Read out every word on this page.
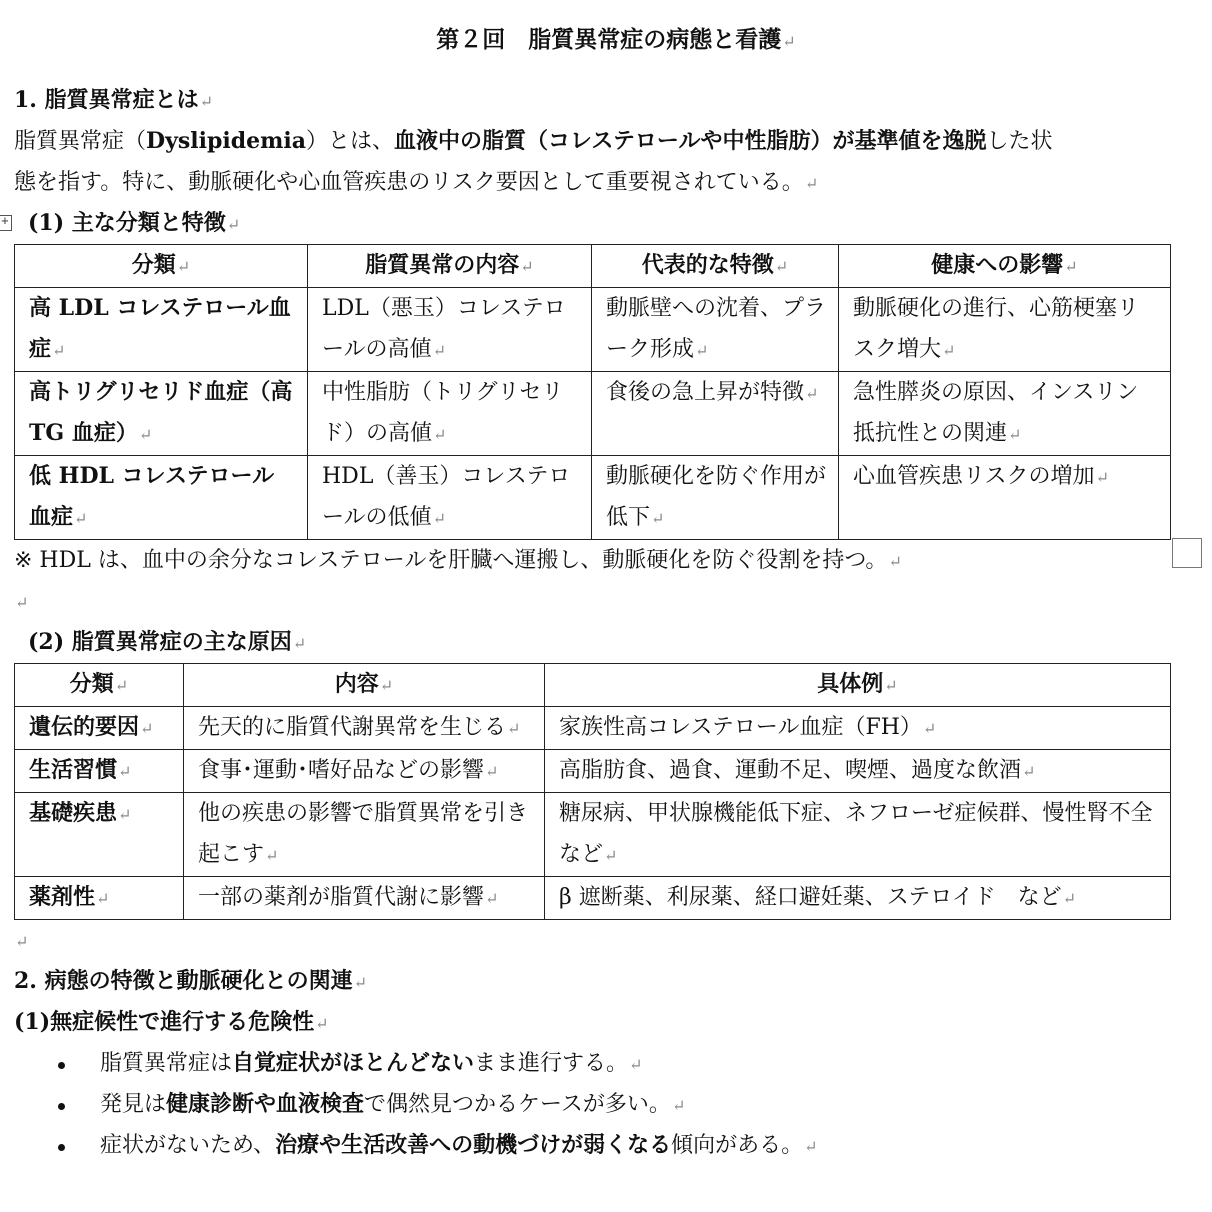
第２回　脂質異常症の病態と看護↵
1. 脂質異常症とは↵
脂質異常症（Dyslipidemia）とは、血液中の脂質（コレステロールや中性脂肪）が基準値を逸脱した状
態を指す。特に、動脈硬化や心血管疾患のリスク要因として重要視されている。↵
+ (1) 主な分類と特徴↵
分類↵	脂質異常の内容↵	代表的な特徴↵	健康への影響↵
高 LDL コレステロール血症↵	LDL（悪玉）コレステロールの高値↵	動脈壁への沈着、プラーク形成↵	動脈硬化の進行、心筋梗塞リスク増大↵
高トリグリセリド血症（高 TG 血症）↵	中性脂肪（トリグリセリド）の高値↵	食後の急上昇が特徴↵	急性膵炎の原因、インスリン抵抗性との関連↵
低 HDL コレステロール血症↵	HDL（善玉）コレステロールの低値↵	動脈硬化を防ぐ作用が低下↵	心血管疾患リスクの増加↵
※ HDL は、血中の余分なコレステロールを肝臓へ運搬し、動脈硬化を防ぐ役割を持つ。↵
↵
(2) 脂質異常症の主な原因↵
分類↵	内容↵	具体例↵
遺伝的要因↵	先天的に脂質代謝異常を生じる↵	家族性高コレステロール血症（FH）↵
生活習慣↵	食事･運動･嗜好品などの影響↵	高脂肪食、過食、運動不足、喫煙、過度な飲酒↵
基礎疾患↵	他の疾患の影響で脂質異常を引き起こす↵	糖尿病、甲状腺機能低下症、ネフローゼ症候群、慢性腎不全など↵
薬剤性↵	一部の薬剤が脂質代謝に影響↵	β 遮断薬、利尿薬、経口避妊薬、ステロイド　など↵
↵
2. 病態の特徴と動脈硬化との関連↵
(1)無症候性で進行する危険性↵
脂質異常症は自覚症状がほとんどないまま進行する。↵
発見は健康診断や血液検査で偶然見つかるケースが多い。↵
症状がないため、治療や生活改善への動機づけが弱くなる傾向がある。↵
